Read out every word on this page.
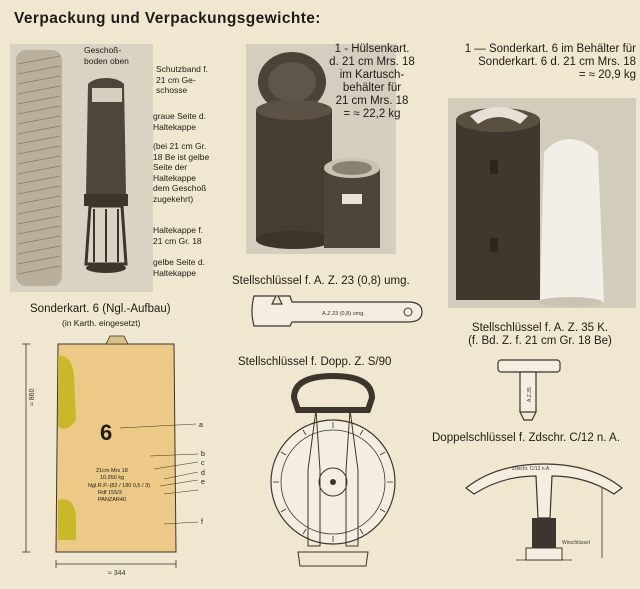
Verpackung und Verpackungsgewichte:
Geschoß-
boden oben
Schutzband f.
21 cm Ge-
schosse
graue Seite d.
Haltekappe
(bei 21 cm Gr.
18 Be ist gelbe
Seite der
Haltekappe
dem Geschoß
zugekehrt)
Haltekappe f.
21 cm Gr. 18
gelbe Seite d.
Haltekappe
1 - Hülsenkart.
d. 21 cm Mrs. 18
im Kartusch-
behälter für
21 cm Mrs. 18
= ≈ 22,2 kg
1 — Sonderkart. 6 im Behälter für
Sonderkart. 6 d. 21 cm Mrs. 18
= ≈ 20,9 kg
Sonderkart. 6 (Ngl.-Aufbau)
(in Karth. eingesetzt)
≈ 860
6
21cm Mrs 18
10,950 kg
Ngl.R.P.-(82 / 180 0,5 / 3)
Rdf 155/3
PANZAR40
a
b
c
d
e
f
≈ 344
Stellschlüssel f. A. Z. 23 (0,8) umg.
A.Z.23 (0,8) umg.
Stellschlüssel f. Dopp. Z. S/90
Stellschlüssel f. A. Z. 35 K.
(f. Bd. Z. f. 21 cm Gr. 18 Be)
A.Z.35
Doppelschlüssel f. Zdschr. C/12 n. A.
Zdschr. C/12 n.A.
Wirschlüssel
